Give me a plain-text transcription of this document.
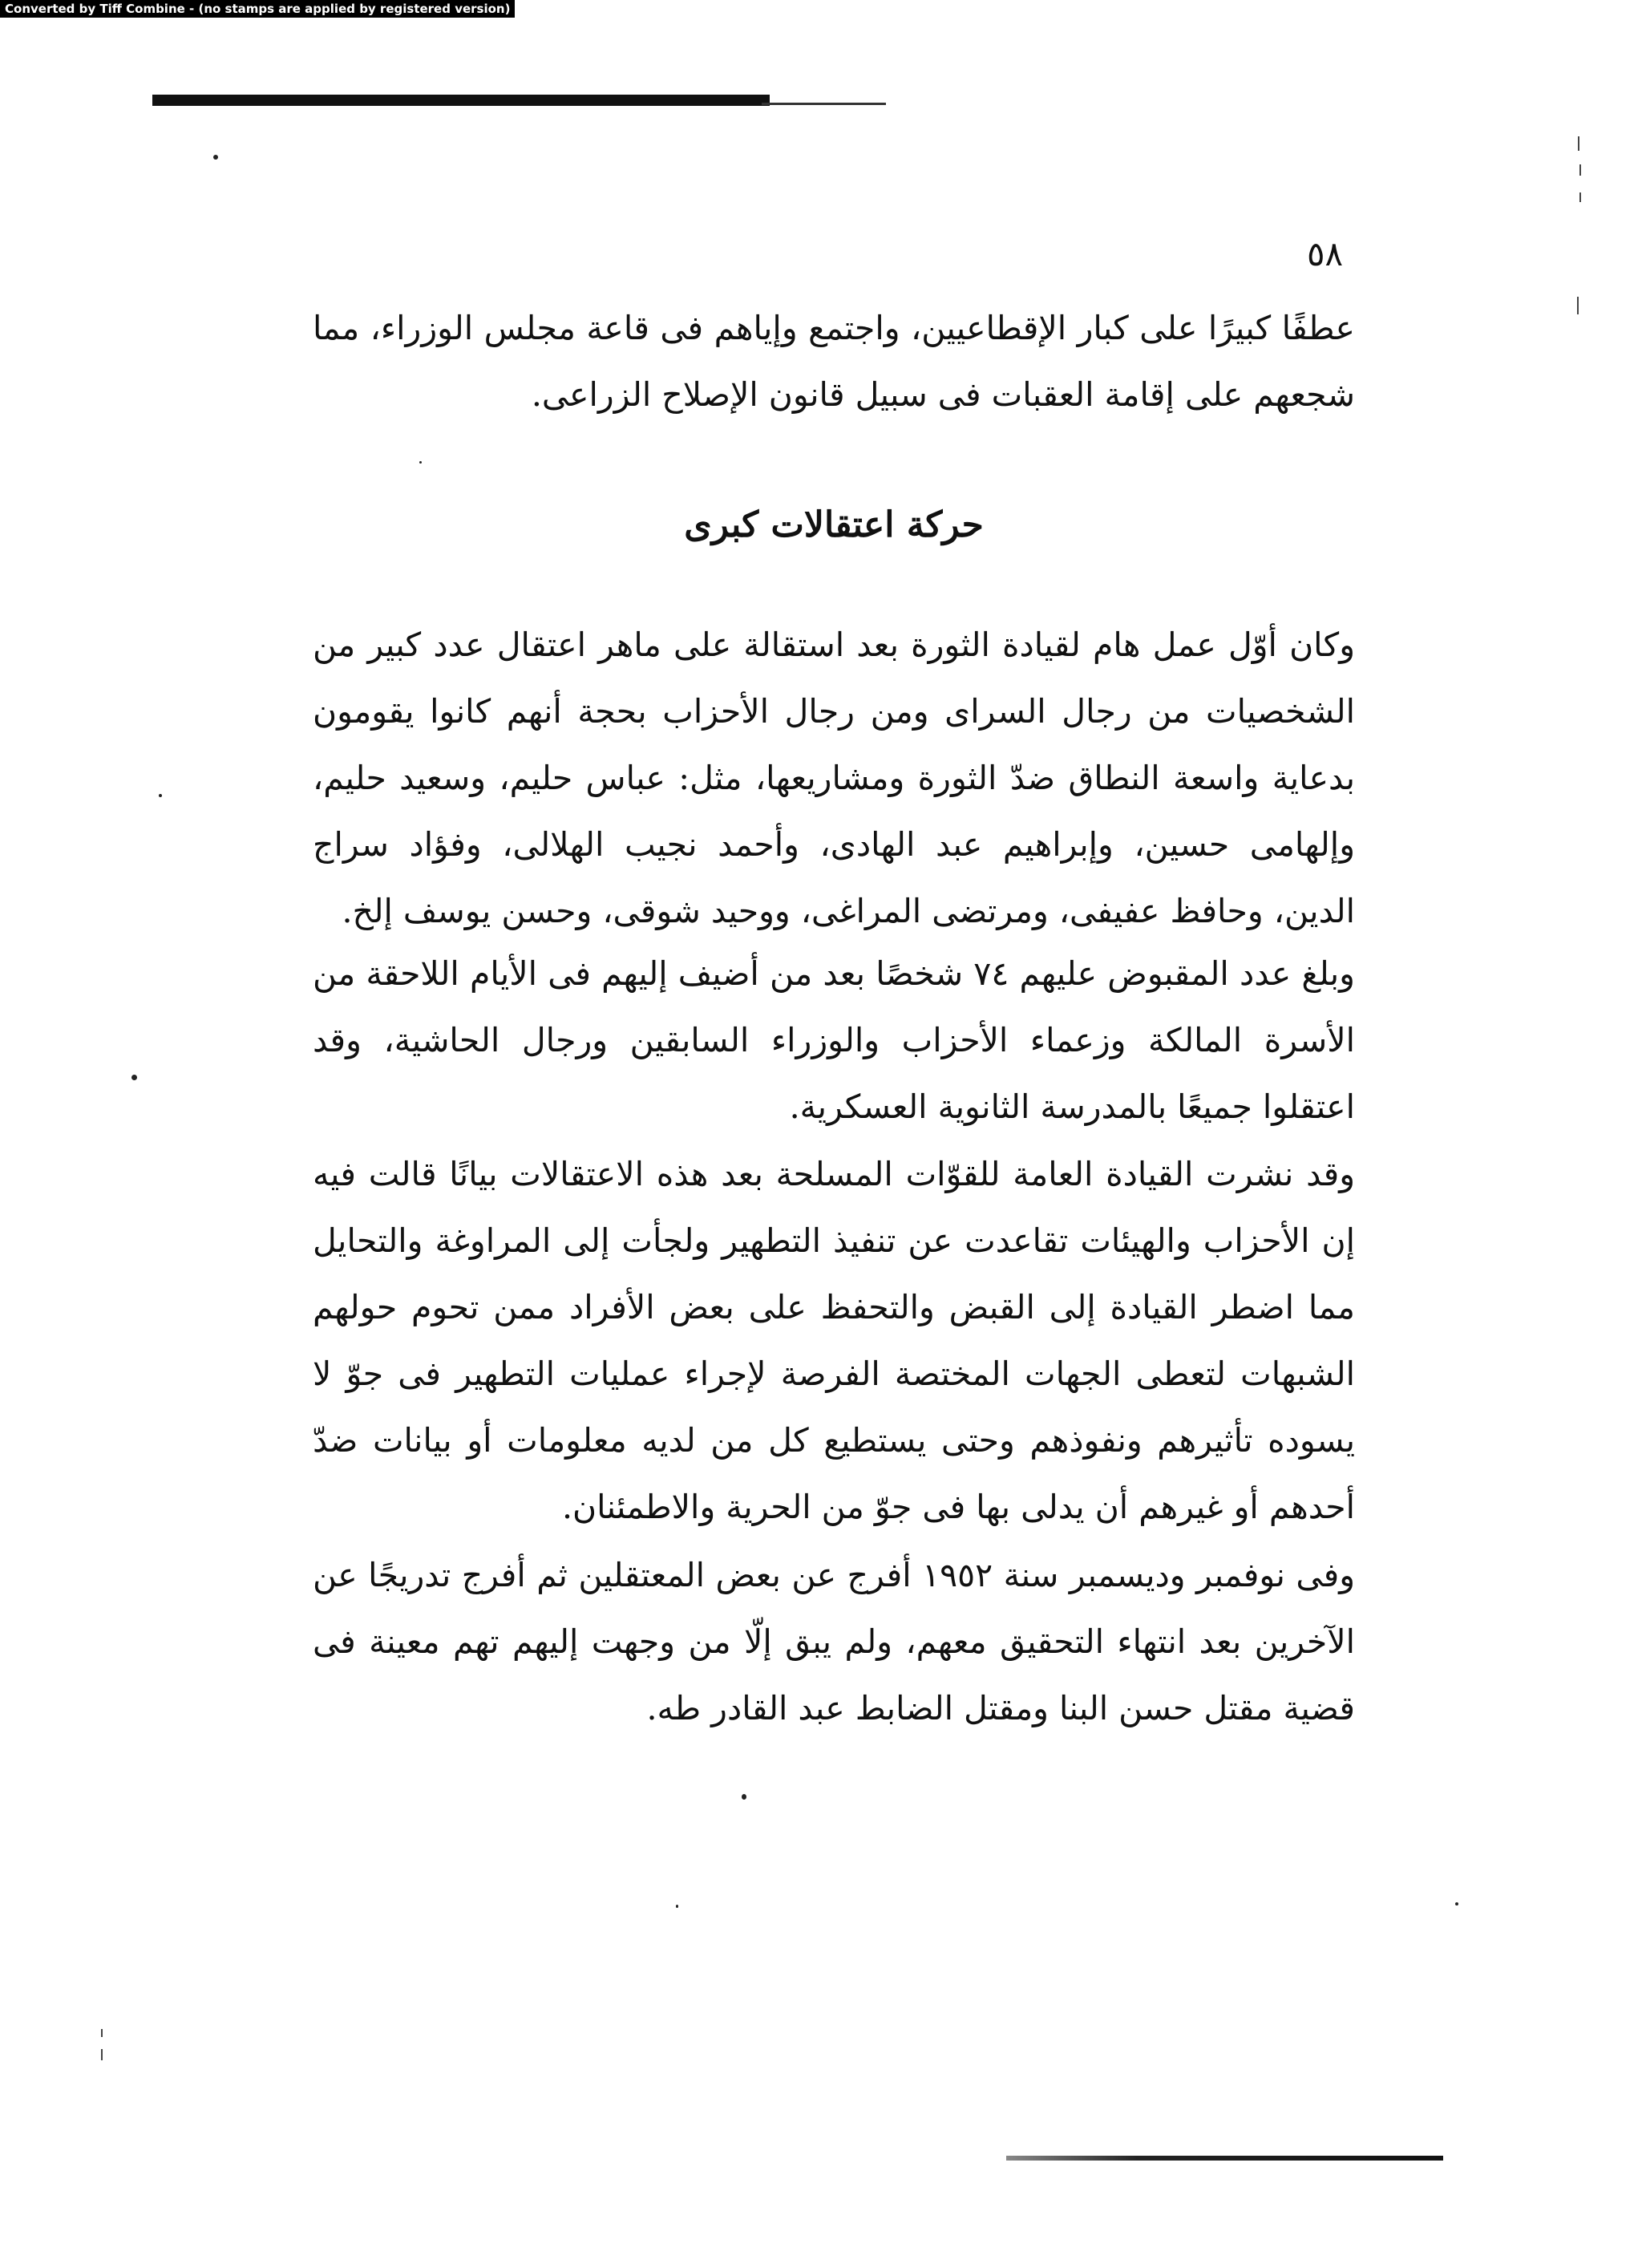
Converted by Tiff Combine - (no stamps are applied by registered version)
٥٨

عطفًا كبيرًا على كبار الإقطاعيين، واجتمع وإياهم فى قاعة مجلس الوزراء، مما شجعهم على إقامة العقبات فى سبيل قانون الإصلاح الزراعى.

حركة اعتقالات كبرى

وكان أوّل عمل هام لقيادة الثورة بعد استقالة على ماهر اعتقال عدد كبير من الشخصيات من رجال السراى ومن رجال الأحزاب بحجة أنهم كانوا يقومون بدعاية واسعة النطاق ضدّ الثورة ومشاريعها، مثل: عباس حليم، وسعيد حليم، وإلهامى حسين، وإبراهيم عبد الهادى، وأحمد نجيب الهلالى، وفؤاد سراج الدين، وحافظ عفيفى، ومرتضى المراغى، ووحيد شوقى، وحسن يوسف إلخ.

وبلغ عدد المقبوض عليهم ٧٤ شخصًا بعد من أضيف إليهم فى الأيام اللاحقة من الأسرة المالكة وزعماء الأحزاب والوزراء السابقين ورجال الحاشية، وقد اعتقلوا جميعًا بالمدرسة الثانوية العسكرية.

وقد نشرت القيادة العامة للقوّات المسلحة بعد هذه الاعتقالات بيانًا قالت فيه إن الأحزاب والهيئات تقاعدت عن تنفيذ التطهير ولجأت إلى المراوغة والتحايل مما اضطر القيادة إلى القبض والتحفظ على بعض الأفراد ممن تحوم حولهم الشبهات لتعطى الجهات المختصة الفرصة لإجراء عمليات التطهير فى جوّ لا يسوده تأثيرهم ونفوذهم وحتى يستطيع كل من لديه معلومات أو بيانات ضدّ أحدهم أو غيرهم أن يدلى بها فى جوّ من الحرية والاطمئنان.

وفى نوفمبر وديسمبر سنة ١٩٥٢ أفرج عن بعض المعتقلين ثم أفرج تدريجًا عن الآخرين بعد انتهاء التحقيق معهم، ولم يبق إلّا من وجهت إليهم تهم معينة فى قضية مقتل حسن البنا ومقتل الضابط عبد القادر طه.
